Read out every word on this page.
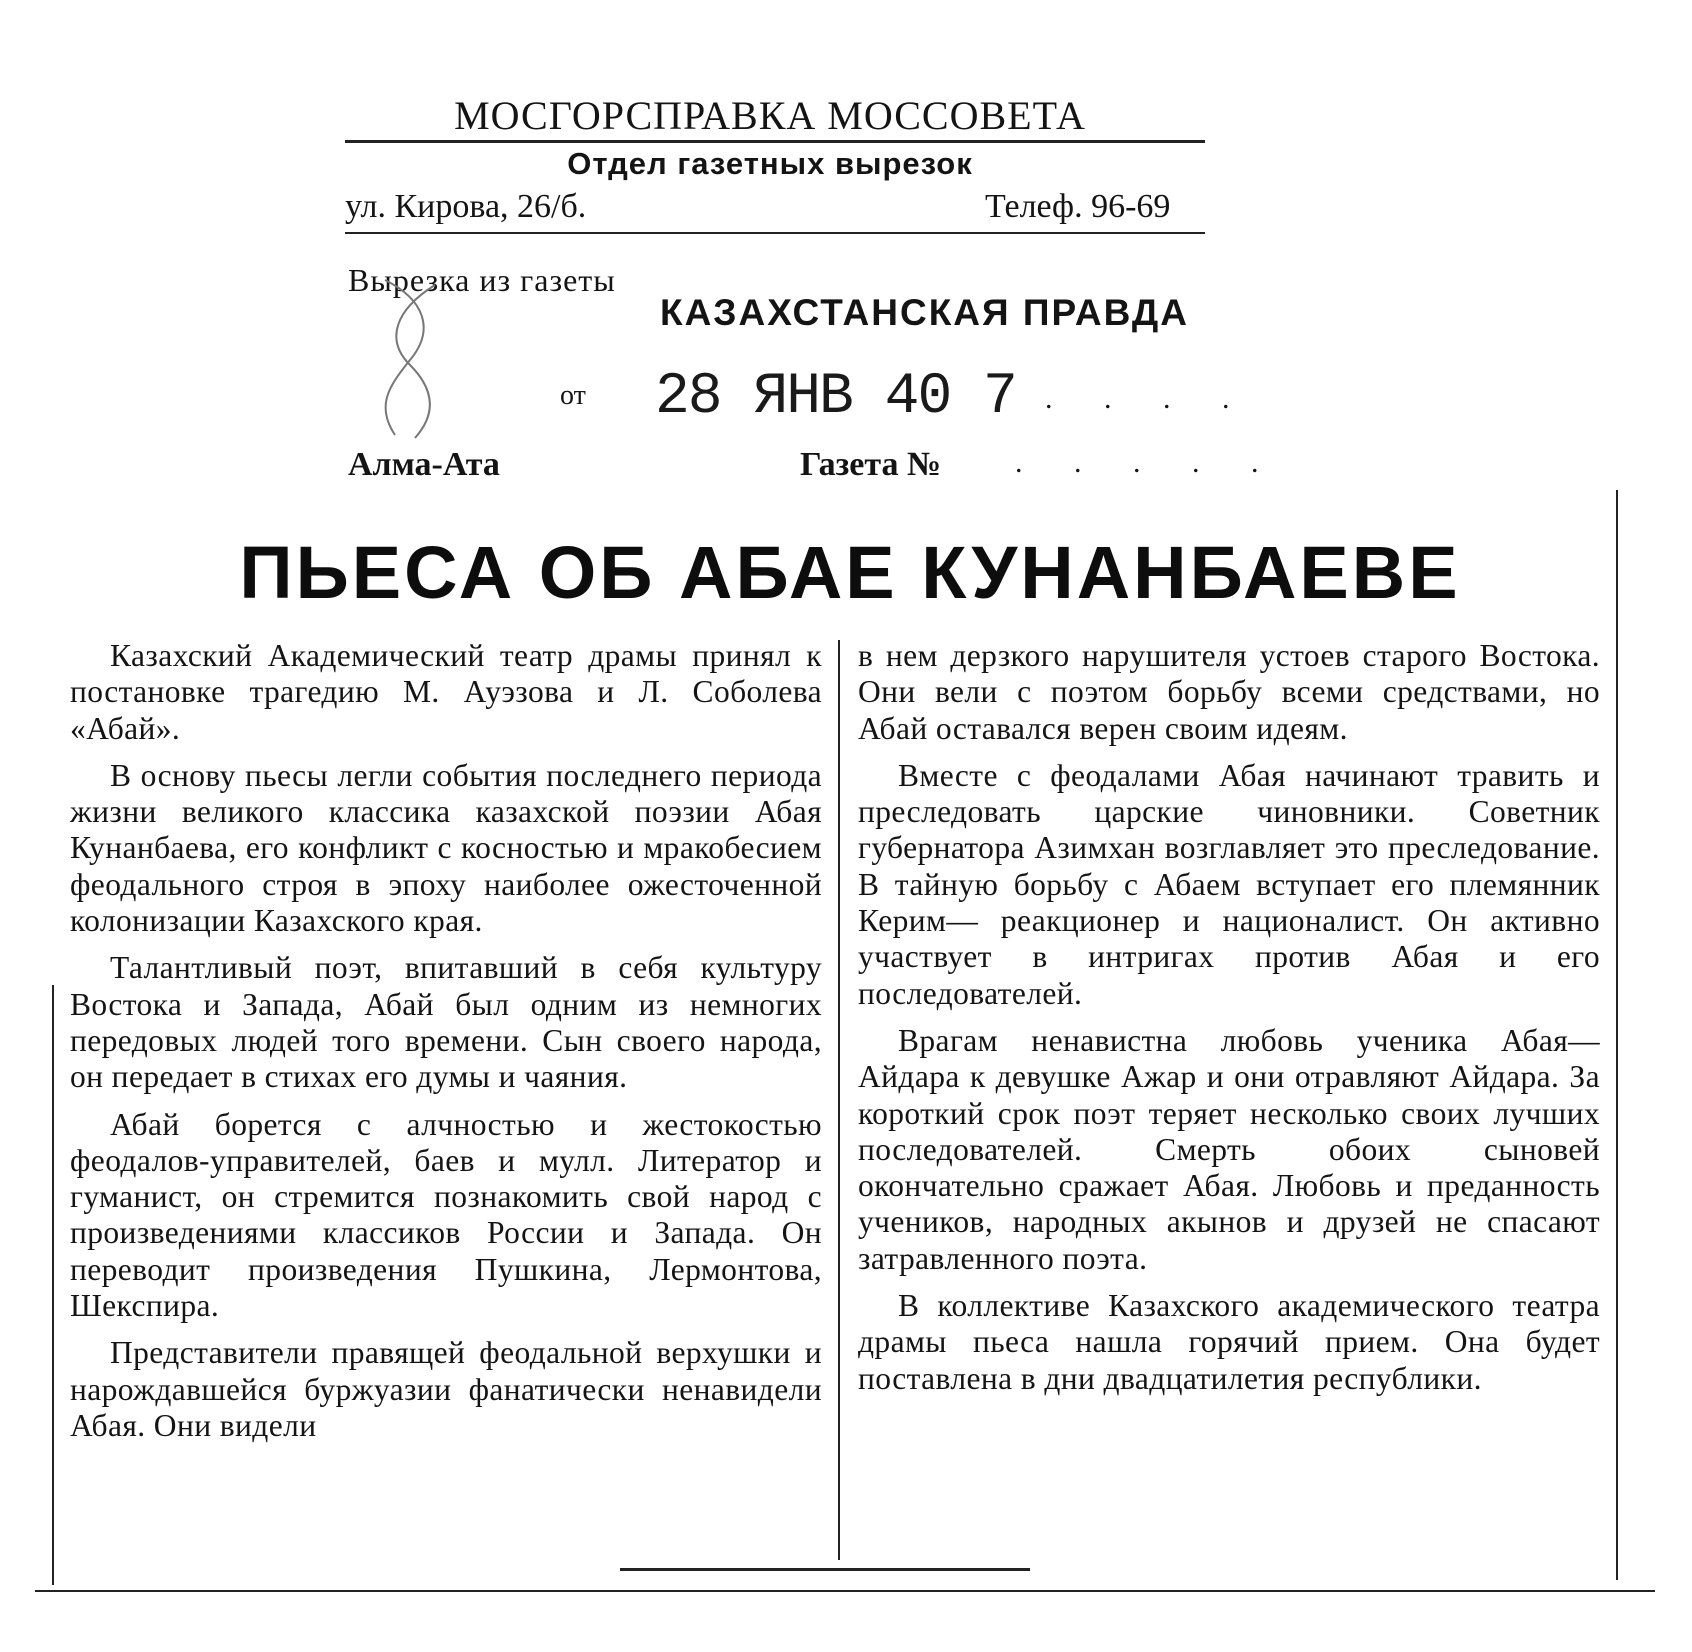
МОСГОРСПРАВКА МОССОВЕТА
Отдел газетных вырезок
ул. Кирова, 26/б.	Телеф. 96-69
Вырезка из газеты
КАЗАХСТАНСКАЯ ПРАВДА
от 28 ЯНВ 40 7 . . . .
Алма-Ата	Газета № . . . . .
ПЬЕСА ОБ АБАЕ КУНАНБАЕВЕ

Казахский Академический театр драмы принял к постановке трагедию М. Ауэзова и Л. Соболева «Абай».

В основу пьесы легли события последнего периода жизни великого классика казахской поэзии Абая Кунанбаева, его конфликт с косностью и мракобесием феодального строя в эпоху наиболее ожесточенной колонизации Казахского края.

Талантливый поэт, впитавший в себя культуру Востока и Запада, Абай был одним из немногих передовых людей того времени. Сын своего народа, он передает в стихах его думы и чаяния.

Абай борется с алчностью и жестокостью феодалов-управителей, баев и мулл. Литератор и гуманист, он стремится познакомить свой народ с произведениями классиков России и Запада. Он переводит произведения Пушкина, Лермонтова, Шекспира.

Представители правящей феодальной верхушки и нарождавшейся буржуазии фанатически ненавидели Абая. Они видели

в нем дерзкого нарушителя устоев старого Востока. Они вели с поэтом борьбу всеми средствами, но Абай оставался верен своим идеям.

Вместе с феодалами Абая начинают травить и преследовать царские чиновники. Советник губернатора Азимхан возглавляет это преследование. В тайную борьбу с Абаем вступает его племянник Керим— реакционер и националист. Он активно участвует в интригах против Абая и его последователей.

Врагам ненавистна любовь ученика Абая—Айдара к девушке Ажар и они отравляют Айдара. За короткий срок поэт теряет несколько своих лучших последователей. Смерть обоих сыновей окончательно сражает Абая. Любовь и преданность учеников, народных акынов и друзей не спасают затравленного поэта.

В коллективе Казахского академического театра драмы пьеса нашла горячий прием. Она будет поставлена в дни двадцатилетия республики.
